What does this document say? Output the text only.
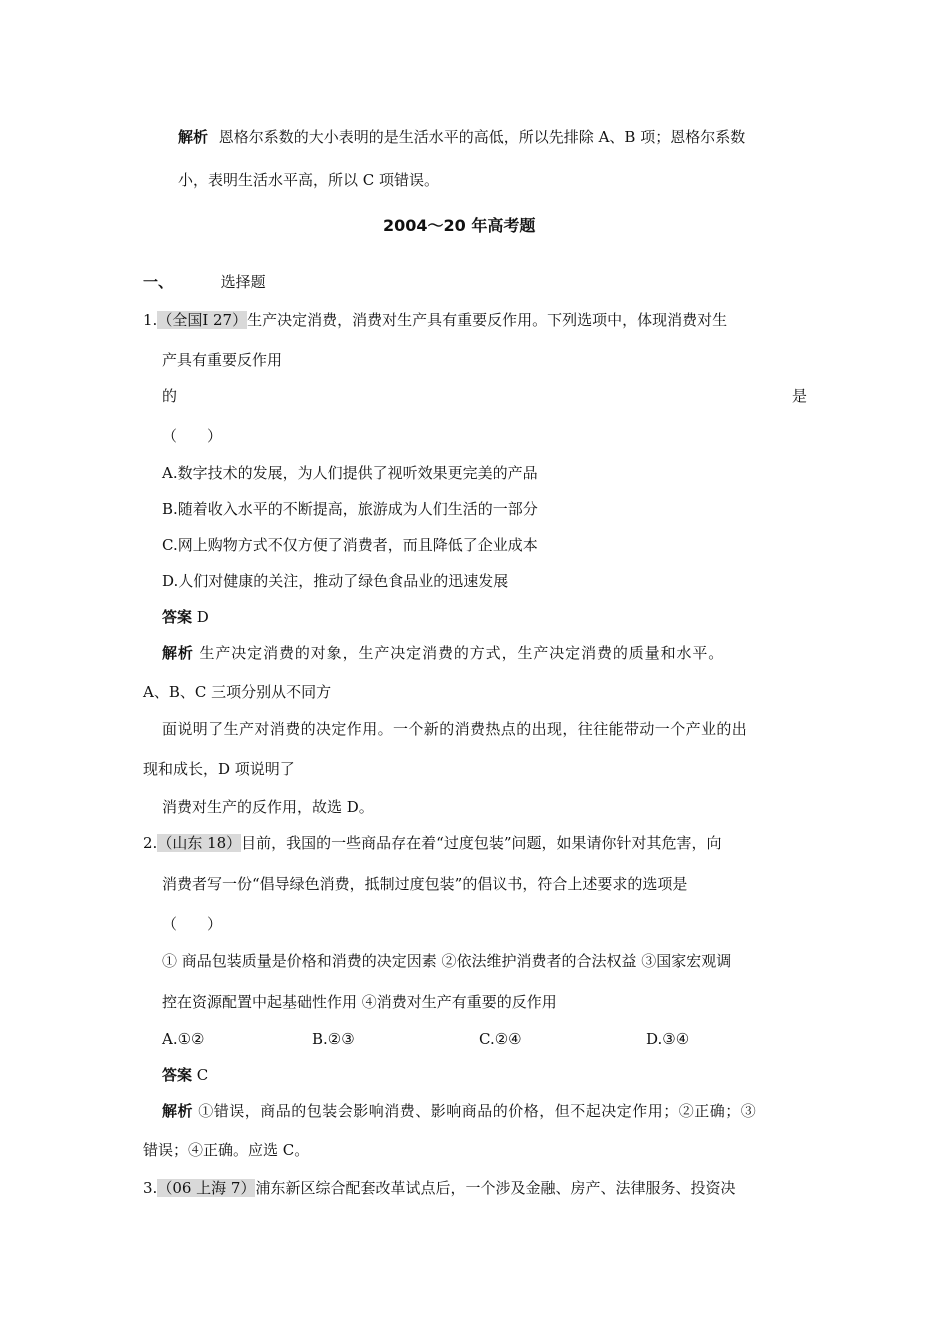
解析 恩格尔系数的大小表明的是生活水平的高低，所以先排除 A、B 项；恩格尔系数
小，表明生活水平高，所以 C 项错误。
2004～20 年高考题
一、	选择题
1.（全国Ⅰ 27）生产决定消费，消费对生产具有重要反作用。下列选项中，体现消费对生
产具有重要反作用
的	是
（　　）
A.数字技术的发展，为人们提供了视听效果更完美的产品
B.随着收入水平的不断提高，旅游成为人们生活的一部分
C.网上购物方式不仅方便了消费者，而且降低了企业成本
D.人们对健康的关注，推动了绿色食品业的迅速发展
答案 D
解析 生产决定消费的对象，生产决定消费的方式，生产决定消费的质量和水平。
A、B、C 三项分别从不同方
面说明了生产对消费的决定作用。一个新的消费热点的出现，往往能带动一个产业的出
现和成长，D 项说明了
消费对生产的反作用，故选 D。
2.（山东 18）目前，我国的一些商品存在着“过度包装”问题，如果请你针对其危害，向
消费者写一份“倡导绿色消费，抵制过度包装”的倡议书，符合上述要求的选项是
（　　）
① 商品包装质量是价格和消费的决定因素 ②依法维护消费者的合法权益 ③国家宏观调
控在资源配置中起基础性作用 ④消费对生产有重要的反作用
A.①②	B.②③	C.②④	D.③④
答案 C
解析 ①错误，商品的包装会影响消费、影响商品的价格，但不起决定作用；②正确；③
错误；④正确。应选 C。
3.（06 上海 7）浦东新区综合配套改革试点后，一个涉及金融、房产、法律服务、投资决
